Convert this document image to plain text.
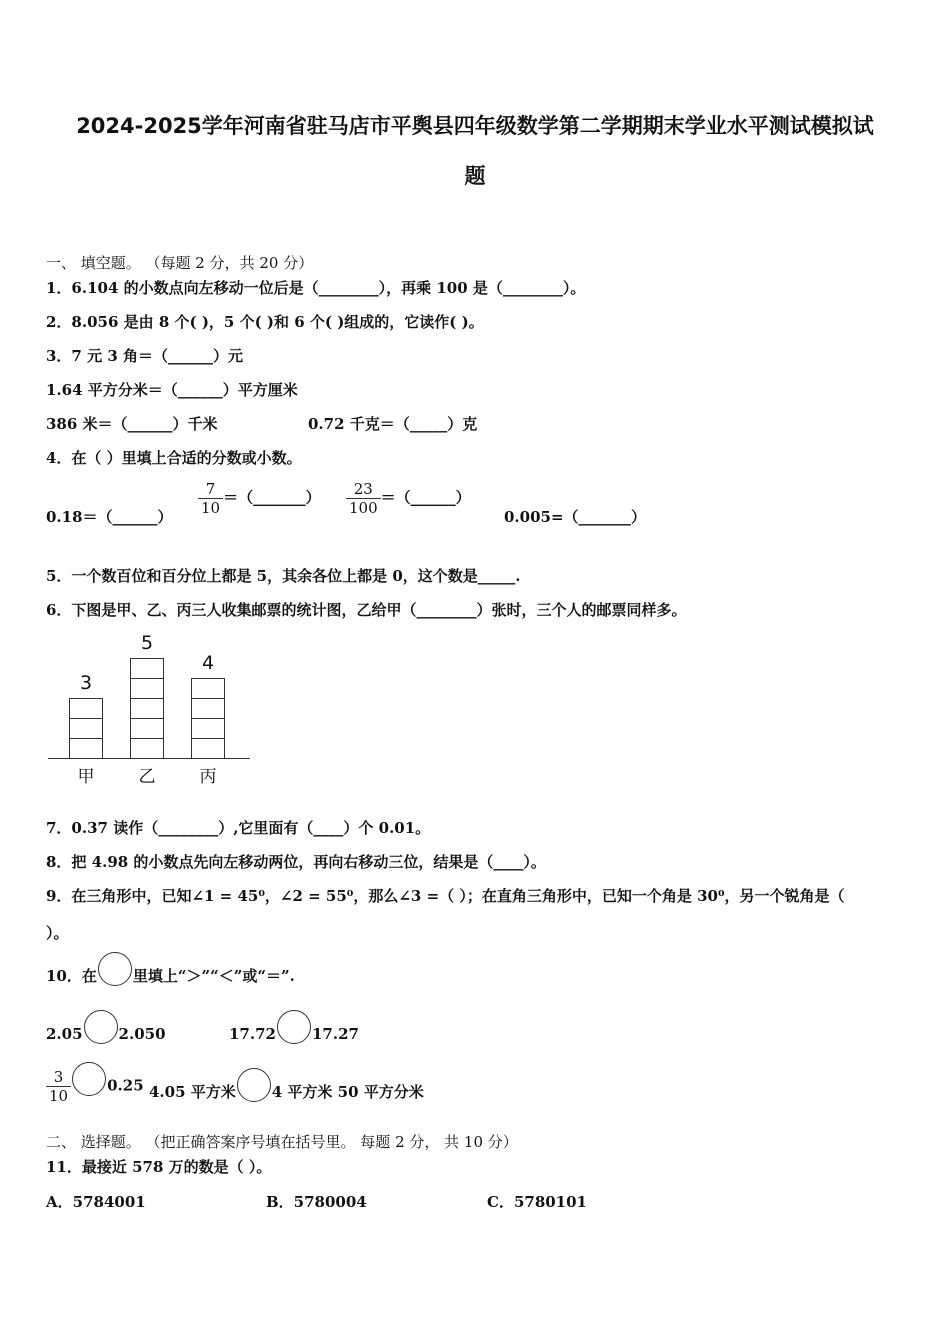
2024-2025学年河南省驻马店市平舆县四年级数学第二学期期末学业水平测试模拟试
题
一、 填空题。 （每题 2 分，共 20 分）
1．6.104 的小数点向左移动一位后是（________），再乘 100 是（________）。
2．8.056 是由 8 个( )，5 个( )和 6 个( )组成的，它读作( )。
3．7 元 3 角＝（______）元
1.64 平方分米＝（______）平方厘米
386 米＝（______）千米	0.72 千克＝（_____）克
4．在（ ）里填上合适的分数或小数。
0.18＝（______） $\frac{7}{10}$ ＝（_______） $\frac{23}{100}$ ＝（______）
0.005=（_______）
5．一个数百位和百分位上都是 5，其余各位上都是 0，这个数是_____.
6．下图是甲、乙、丙三人收集邮票的统计图，乙给甲（________）张时，三个人的邮票同样多。
3
甲
5
乙
4
丙
7．0.37 读作（________）,它里面有（____）个 0.01。
8．把 4.98 的小数点先向左移动两位，再向右移动三位，结果是（____）。
9．在三角形中，已知∠1 = 45⁰，∠2 = 55⁰，那么∠3 =（ ）；在直角三角形中，已知一个角是 30⁰，另一个锐角是（
）。
10．在 里填上“＞”“＜”或“＝”.
2.05 2.050	17.72 17.27
$\frac{3}{10} 0.25$ 4.05 平方米 4 平方米 50 平方分米
二、 选择题。 （把正确答案序号填在括号里。 每题 2 分， 共 10 分）
11．最接近 578 万的数是（ ）。
A．5784001	B．5780004	C．5780101
